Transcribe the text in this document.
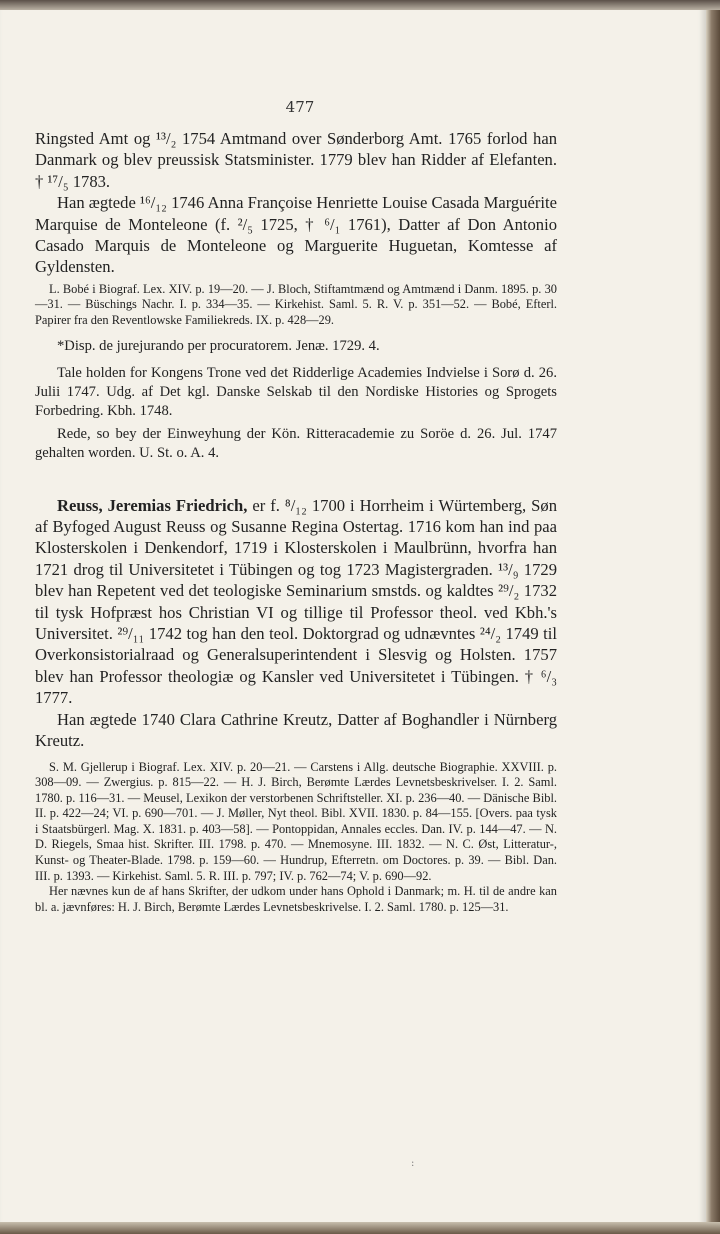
477

Ringsted Amt og ¹³/₂ 1754 Amtmand over Sønderborg Amt. 1765 forlod han Danmark og blev preussisk Statsminister. 1779 blev han Ridder af Elefanten. † ¹⁷/₅ 1783.

Han ægtede ¹⁶/₁₂ 1746 Anna Françoise Henriette Louise Casada Marguérite Marquise de Monteleone (f. ²/₅ 1725, † ⁶/₁ 1761), Datter af Don Antonio Casado Marquis de Monteleone og Marguerite Huguetan, Komtesse af Gyldensten.

L. Bobé i Biograf. Lex. XIV. p. 19—20. — J. Bloch, Stiftamtmænd og Amtmænd i Danm. 1895. p. 30—31. — Büschings Nachr. I. p. 334—35. — Kirkehist. Saml. 5. R. V. p. 351—52. — Bobé, Efterl. Papirer fra den Reventlowske Familiekreds. IX. p. 428—29.

*Disp. de jurejurando per procuratorem. Jenæ. 1729. 4.

Tale holden for Kongens Trone ved det Ridderlige Academies Indvielse i Sorø d. 26. Julii 1747. Udg. af Det kgl. Danske Selskab til den Nordiske Histories og Sprogets Forbedring. Kbh. 1748.

Rede, so bey der Einweyhung der Kön. Ritteracademie zu Soröe d. 26. Jul. 1747 gehalten worden. U. St. o. A. 4.

Reuss, Jeremias Friedrich, er f. ⁸/₁₂ 1700 i Horrheim i Würtemberg, Søn af Byfoged August Reuss og Susanne Regina Ostertag. 1716 kom han ind paa Klosterskolen i Denkendorf, 1719 i Klosterskolen i Maulbrünn, hvorfra han 1721 drog til Universitetet i Tübingen og tog 1723 Magistergraden. ¹³/₉ 1729 blev han Repetent ved det teologiske Seminarium smstds. og kaldtes ²⁹/₂ 1732 til tysk Hofpræst hos Christian VI og tillige til Professor theol. ved Kbh.'s Universitet. ²⁹/₁₁ 1742 tog han den teol. Doktorgrad og udnævntes ²⁴/₂ 1749 til Overkonsistorialraad og Generalsuperintendent i Slesvig og Holsten. 1757 blev han Professor theologiæ og Kansler ved Universitetet i Tübingen. † ⁶/₃ 1777.

Han ægtede 1740 Clara Cathrine Kreutz, Datter af Boghandler i Nürnberg Kreutz.

S. M. Gjellerup i Biograf. Lex. XIV. p. 20—21. — Carstens i Allg. deutsche Biographie. XXVIII. p. 308—09. — Zwergius. p. 815—22. — H. J. Birch, Berømte Lærdes Levnetsbeskrivelser. I. 2. Saml. 1780. p. 116—31. — Meusel, Lexikon der verstorbenen Schriftsteller. XI. p. 236—40. — Dänische Bibl. II. p. 422—24; VI. p. 690—701. — J. Møller, Nyt theol. Bibl. XVII. 1830. p. 84—155. [Overs. paa tysk i Staatsbürgerl. Mag. X. 1831. p. 403—58]. — Pontoppidan, Annales eccles. Dan. IV. p. 144—47. — N. D. Riegels, Smaa hist. Skrifter. III. 1798. p. 470. — Mnemosyne. III. 1832. — N. C. Øst, Litteratur-, Kunst- og Theater-Blade. 1798. p. 159—60. — Hundrup, Efterretn. om Doctores. p. 39. — Bibl. Dan. III. p. 1393. — Kirkehist. Saml. 5. R. III. p. 797; IV. p. 762—74; V. p. 690—92.

Her nævnes kun de af hans Skrifter, der udkom under hans Ophold i Danmark; m. H. til de andre kan bl. a. jævnføres: H. J. Birch, Berømte Lærdes Levnetsbeskrivelse. I. 2. Saml. 1780. p. 125—31.

:
